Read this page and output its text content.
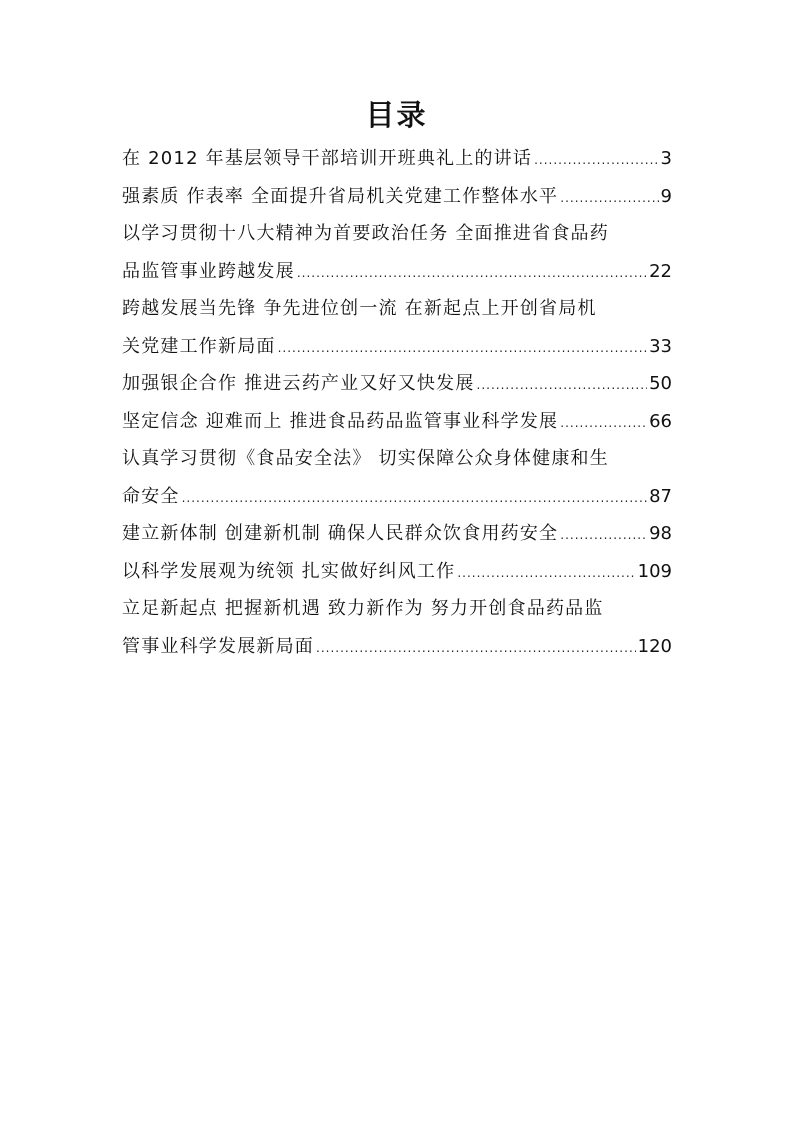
目录
在 2012 年基层领导干部培训开班典礼上的讲话 .....	3
强素质 作表率 全面提升省局机关党建工作整体水平 .....	9
以学习贯彻十八大精神为首要政治任务 全面推进省食品药
品监管事业跨越发展 .....	22
跨越发展当先锋 争先进位创一流 在新起点上开创省局机
关党建工作新局面 .....	33
加强银企合作 推进云药产业又好又快发展 .....	50
坚定信念 迎难而上 推进食品药品监管事业科学发展 .....	66
认真学习贯彻《食品安全法》 切实保障公众身体健康和生
命安全 .....	87
建立新体制 创建新机制 确保人民群众饮食用药安全 .....	98
以科学发展观为统领 扎实做好纠风工作 .....	109
立足新起点 把握新机遇 致力新作为 努力开创食品药品监
管事业科学发展新局面 .....	120
